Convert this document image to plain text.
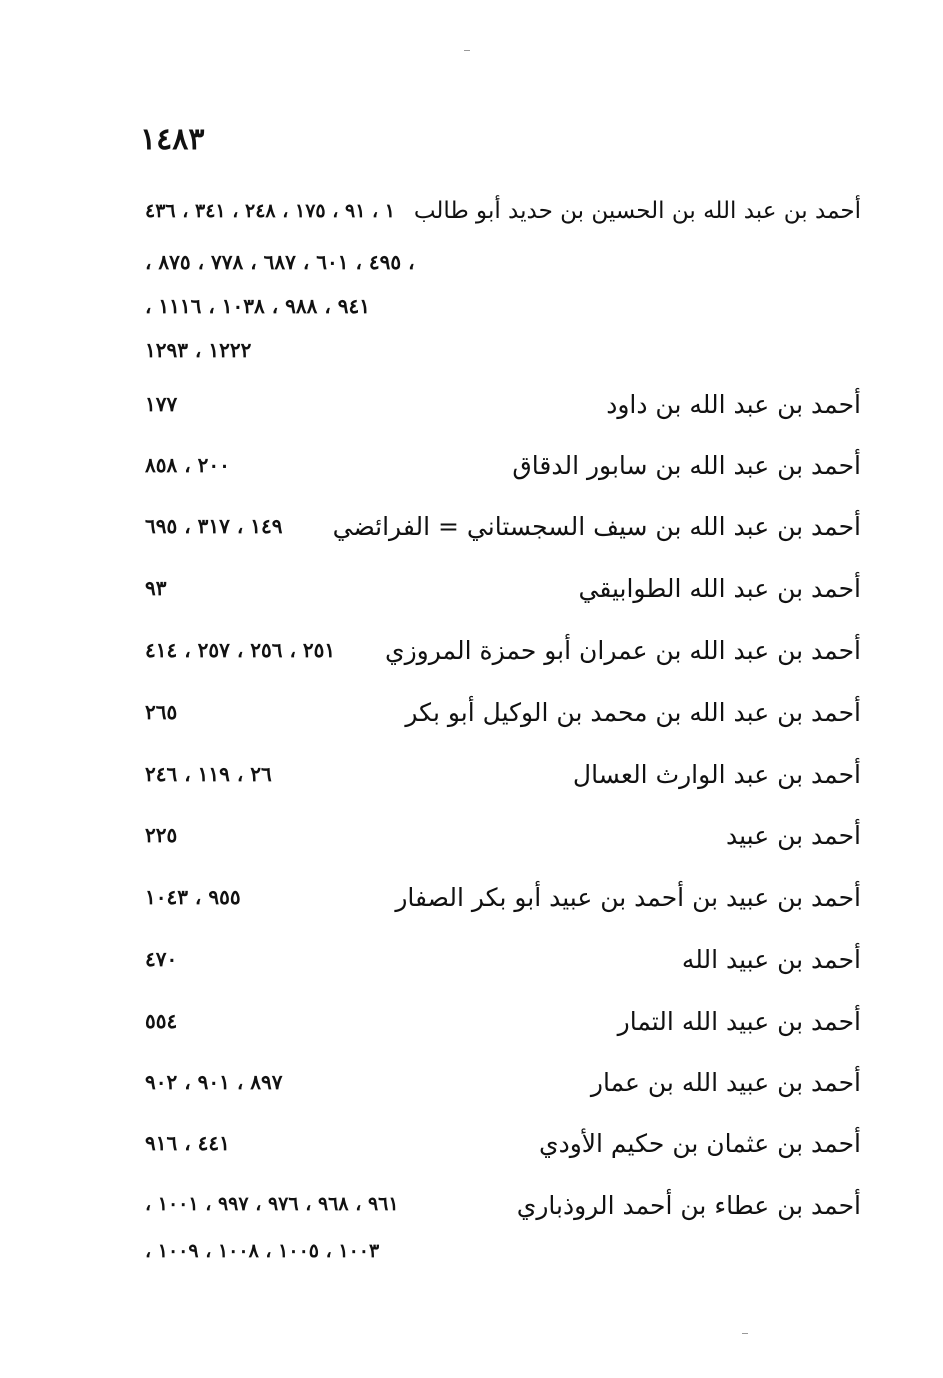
١٤٨٣
أحمد بن عبد الله بن الحسين بن حديد أبو طالب
١ ، ٩١ ، ١٧٥ ، ٢٤٨ ، ٣٤١ ، ٤٣٦
، ٤٩٥ ، ٦٠١ ، ٦٨٧ ، ٧٧٨ ، ٨٧٥ ،
٩٤١ ، ٩٨٨ ، ١٠٣٨ ، ١١١٦ ،
١٢٢٢ ، ١٢٩٣
أحمد بن عبد الله بن داود
١٧٧
أحمد بن عبد الله بن سابور الدقاق
٢٠٠ ، ٨٥٨
أحمد بن عبد الله بن سيف السجستاني = الفرائضي
١٤٩ ، ٣١٧ ، ٦٩٥
أحمد بن عبد الله الطوابيقي
٩٣
أحمد بن عبد الله بن عمران أبو حمزة المروزي
٢٥١ ، ٢٥٦ ، ٢٥٧ ، ٤١٤
أحمد بن عبد الله بن محمد بن الوكيل أبو بكر
٢٦٥
أحمد بن عبد الوارث العسال
٢٦ ، ١١٩ ، ٢٤٦
أحمد بن عبيد
٢٢٥
أحمد بن عبيد بن أحمد بن عبيد أبو بكر الصفار
٩٥٥ ، ١٠٤٣
أحمد بن عبيد الله
٤٧٠
أحمد بن عبيد الله التمار
٥٥٤
أحمد بن عبيد الله بن عمار
٨٩٧ ، ٩٠١ ، ٩٠٢
أحمد بن عثمان بن حكيم الأودي
٤٤١ ، ٩١٦
أحمد بن عطاء بن أحمد الروذباري
٩٦١ ، ٩٦٨ ، ٩٧٦ ، ٩٩٧ ، ١٠٠١ ،
١٠٠٣ ، ١٠٠٥ ، ١٠٠٨ ، ١٠٠٩ ،
